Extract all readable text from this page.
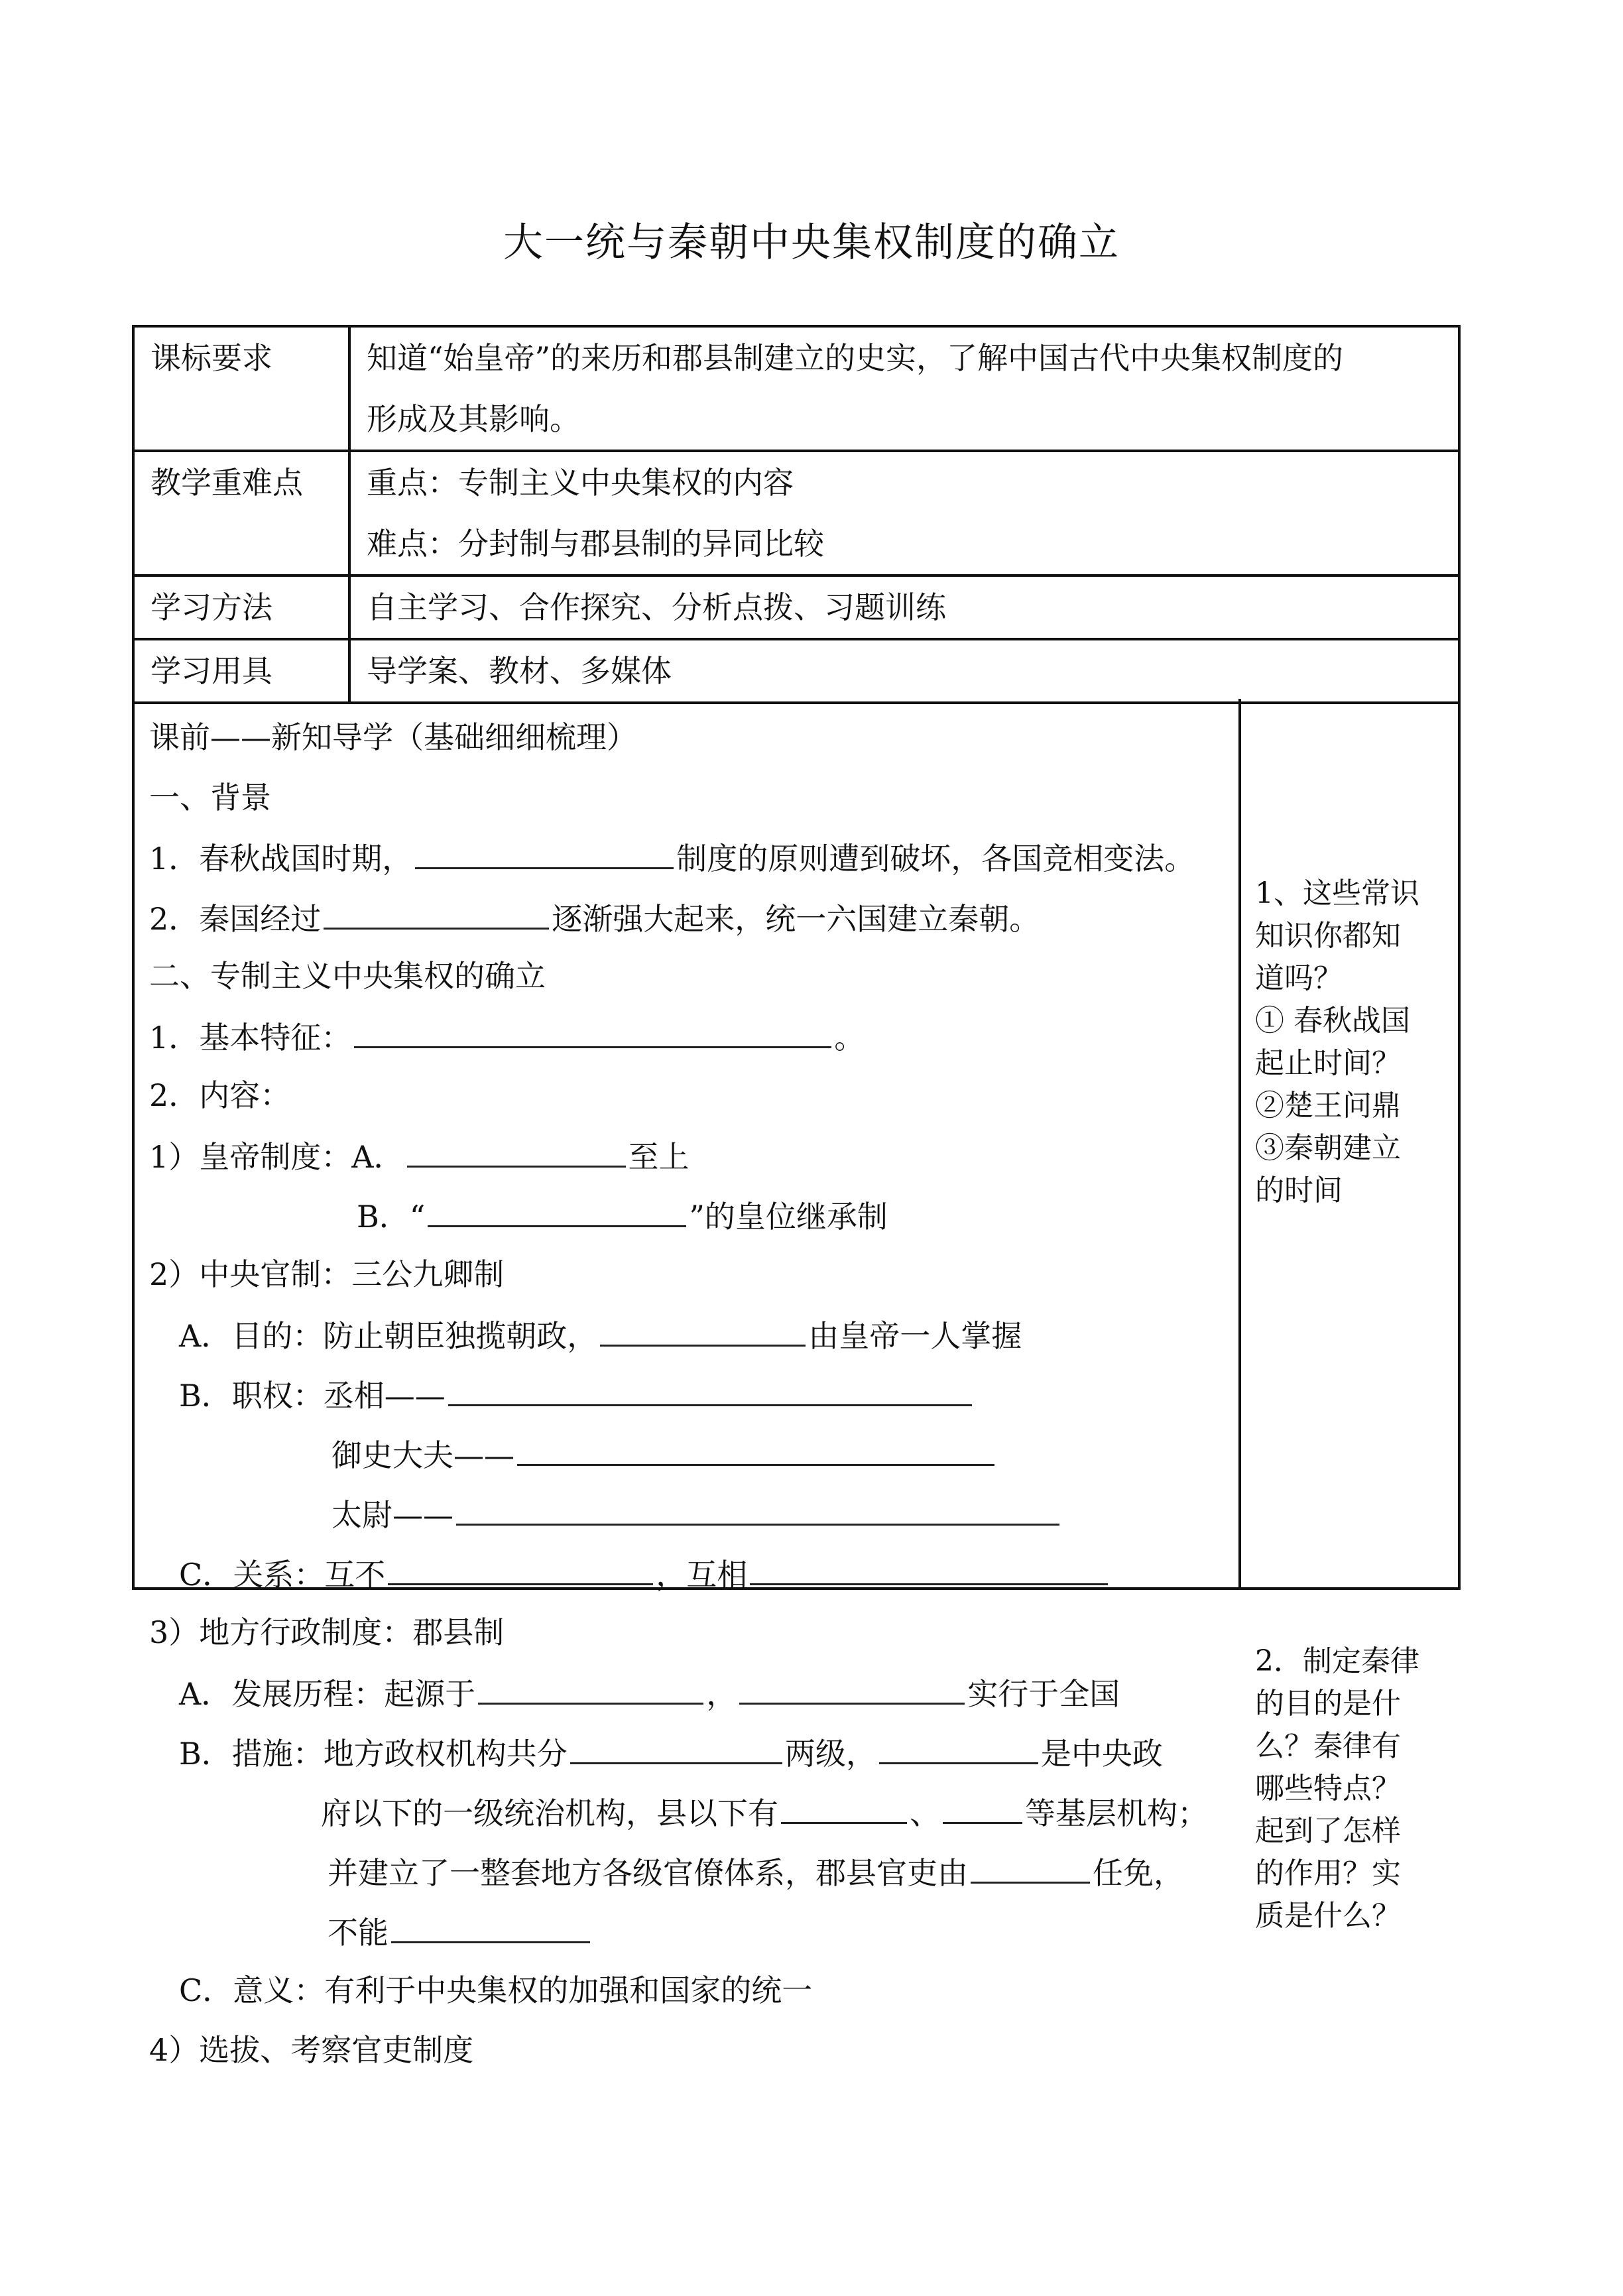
大一统与秦朝中央集权制度的确立
课标要求	知道“始皇帝”的来历和郡县制建立的史实，了解中国古代中央集权制度的
形成及其影响。

教学重难点	重点：专制主义中央集权的内容
难点：分封制与郡县制的异同比较

学习方法	自主学习、合作探究、分析点拨、习题训练

学习用具	导学案、教材、多媒体
课前——新知导学（基础细细梳理）
一、背景
1．春秋战国时期，	制度的原则遭到破坏，各国竞相变法。
2．秦国经过	逐渐强大起来，统一六国建立秦朝。
二、专制主义中央集权的确立
1．基本特征：	。
2．内容：
1）皇帝制度：A．	至上
B．“	”的皇位继承制
2）中央官制：三公九卿制
A．目的：防止朝臣独揽朝政，	由皇帝一人掌握
B．职权：丞相——
御史大夫——
太尉——
C．关系：互不	，互相
3）地方行政制度：郡县制
A．发展历程：起源于	，	实行于全国
B．措施：地方政权机构共分	两级，	是中央政
府以下的一级统治机构，县以下有	、	等基层机构；
并建立了一整套地方各级官僚体系，郡县官吏由	任免，
不能
C．意义：有利于中央集权的加强和国家的统一
4）选拔、考察官吏制度
1、这些常识
知识你都知
道吗？
① 春秋战国
起止时间？
②楚王问鼎
③秦朝建立
的时间
2．制定秦律
的目的是什
么？秦律有
哪些特点？
起到了怎样
的作用？实
质是什么？
